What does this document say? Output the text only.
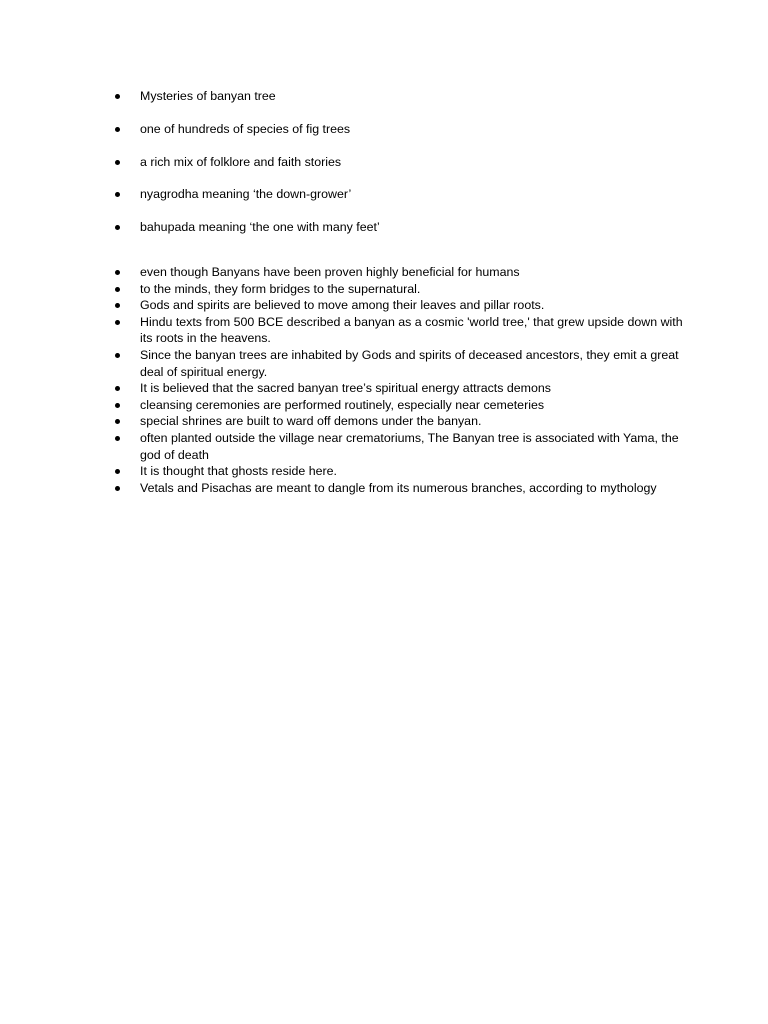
Mysteries of banyan tree
one of hundreds of species of fig trees
a rich mix of folklore and faith stories
nyagrodha meaning ‘the down-grower’
bahupada meaning ‘the one with many feet’
even though Banyans have been proven highly beneficial for humans
to the minds, they form bridges to the supernatural.
Gods and spirits are believed to move among their leaves and pillar roots.
Hindu texts from 500 BCE described a banyan as a cosmic 'world tree,' that grew upside down with its roots in the heavens.
Since the banyan trees are inhabited by Gods and spirits of deceased ancestors, they emit a great deal of spiritual energy.
It is believed that the sacred banyan tree’s spiritual energy attracts demons
cleansing ceremonies are performed routinely, especially near cemeteries
special shrines are built to ward off demons under the banyan.
often planted outside the village near crematoriums, The Banyan tree is associated with Yama, the god of death
It is thought that ghosts reside here.
Vetals and Pisachas are meant to dangle from its numerous branches, according to mythology
